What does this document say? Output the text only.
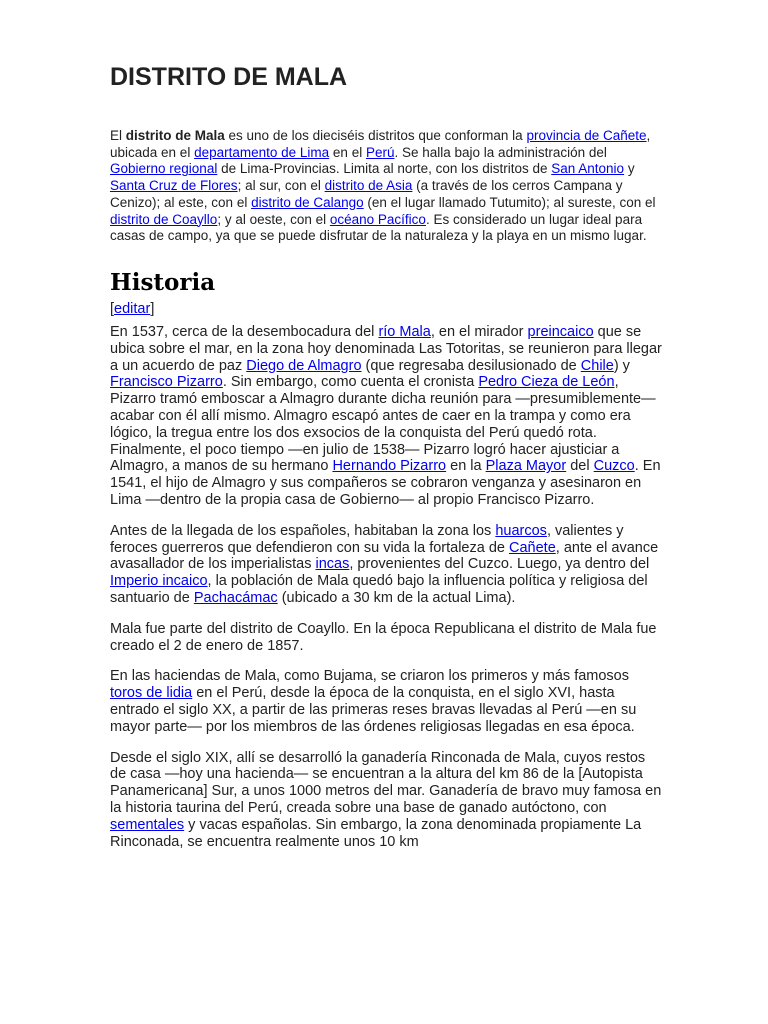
DISTRITO DE MALA

El distrito de Mala es uno de los dieciséis distritos que conforman la provincia de Cañete, ubicada en el departamento de Lima en el Perú. Se halla bajo la administración del Gobierno regional de Lima-Provincias. Limita al norte, con los distritos de San Antonio y Santa Cruz de Flores; al sur, con el distrito de Asia (a través de los cerros Campana y Cenizo); al este, con el distrito de Calango (en el lugar llamado Tutumito); al sureste, con el distrito de Coayllo; y al oeste, con el océano Pacífico. Es considerado un lugar ideal para casas de campo, ya que se puede disfrutar de la naturaleza y la playa en un mismo lugar.

Historia

[editar]

En 1537, cerca de la desembocadura del río Mala, en el mirador preincaico que se ubica sobre el mar, en la zona hoy denominada Las Totoritas, se reunieron para llegar a un acuerdo de paz Diego de Almagro (que regresaba desilusionado de Chile) y Francisco Pizarro. Sin embargo, como cuenta el cronista Pedro Cieza de León, Pizarro tramó emboscar a Almagro durante dicha reunión para —presumiblemente— acabar con él allí mismo. Almagro escapó antes de caer en la trampa y como era lógico, la tregua entre los dos exsocios de la conquista del Perú quedó rota. Finalmente, el poco tiempo —en julio de 1538— Pizarro logró hacer ajusticiar a Almagro, a manos de su hermano Hernando Pizarro en la Plaza Mayor del Cuzco. En 1541, el hijo de Almagro y sus compañeros se cobraron venganza y asesinaron en Lima —dentro de la propia casa de Gobierno— al propio Francisco Pizarro.

Antes de la llegada de los españoles, habitaban la zona los huarcos, valientes y feroces guerreros que defendieron con su vida la fortaleza de Cañete, ante el avance avasallador de los imperialistas incas, provenientes del Cuzco. Luego, ya dentro del Imperio incaico, la población de Mala quedó bajo la influencia política y religiosa del santuario de Pachacámac (ubicado a 30 km de la actual Lima).

Mala fue parte del distrito de Coayllo. En la época Republicana el distrito de Mala fue creado el 2 de enero de 1857.

En las haciendas de Mala, como Bujama, se criaron los primeros y más famosos toros de lidia en el Perú, desde la época de la conquista, en el siglo XVI, hasta entrado el siglo XX, a partir de las primeras reses bravas llevadas al Perú —en su mayor parte— por los miembros de las órdenes religiosas llegadas en esa época.

Desde el siglo XIX, allí se desarrolló la ganadería Rinconada de Mala, cuyos restos de casa —hoy una hacienda— se encuentran a la altura del km 86 de la [Autopista Panamericana] Sur, a unos 1000 metros del mar. Ganadería de bravo muy famosa en la historia taurina del Perú, creada sobre una base de ganado autóctono, con sementales y vacas españolas. Sin embargo, la zona denominada propiamente La Rinconada, se encuentra realmente unos 10 km
